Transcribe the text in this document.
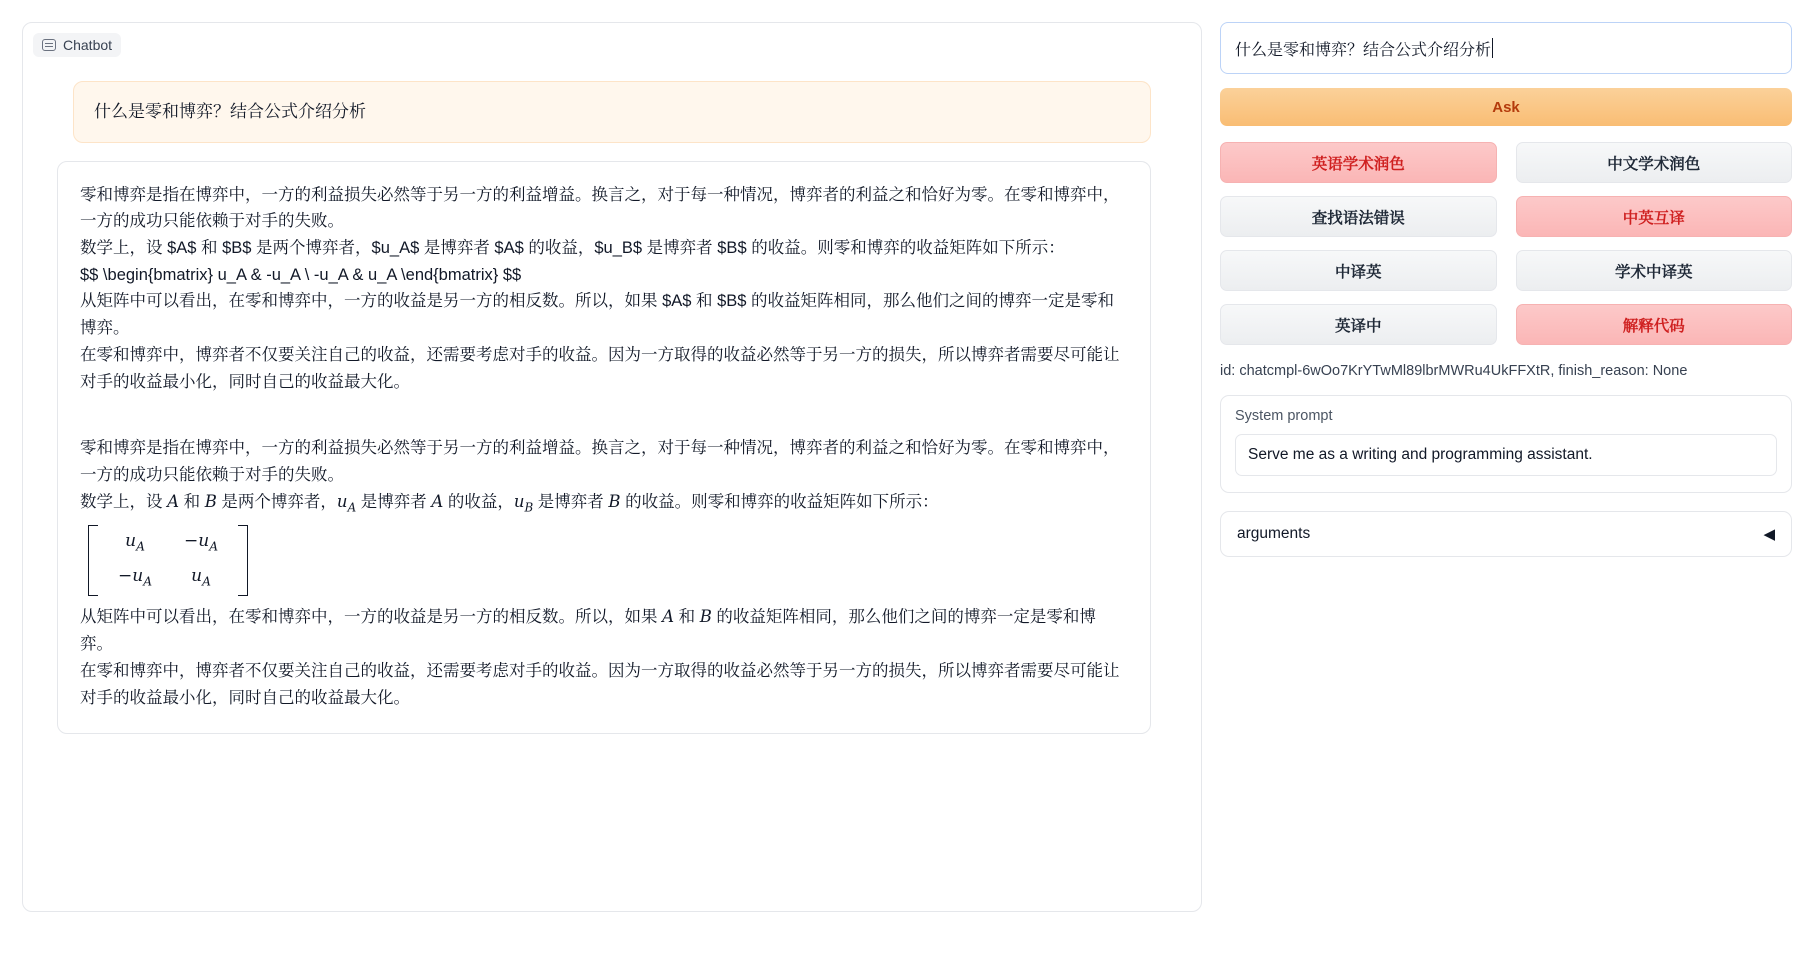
Chatbot
什么是零和博弈？结合公式介绍分析

零和博弈是指在博弈中，一方的利益损失必然等于另一方的利益增益。换言之，对于每一种情况，博弈者的利益之和恰好为零。在零和博弈中，一方的成功只能依赖于对手的失败。

数学上，设 $A$ 和 $B$ 是两个博弈者，$u_A$ 是博弈者 $A$ 的收益，$u_B$ 是博弈者 $B$ 的收益。则零和博弈的收益矩阵如下所示：

$$ \begin{bmatrix} u_A & -u_A \ -u_A & u_A \end{bmatrix} $$

从矩阵中可以看出，在零和博弈中，一方的收益是另一方的相反数。所以，如果 $A$ 和 $B$ 的收益矩阵相同，那么他们之间的博弈一定是零和博弈。

在零和博弈中，博弈者不仅要关注自己的收益，还需要考虑对手的收益。因为一方取得的收益必然等于另一方的损失，所以博弈者需要尽可能让对手的收益最小化，同时自己的收益最大化。

零和博弈是指在博弈中，一方的利益损失必然等于另一方的利益增益。换言之，对于每一种情况，博弈者的利益之和恰好为零。在零和博弈中，一方的成功只能依赖于对手的失败。

数学上，设 A 和 B 是两个博弈者，$u_A$ 是博弈者 A 的收益，$u_B$ 是博弈者 B 的收益。则零和博弈的收益矩阵如下所示：

$u_A$	$-u_A$
$-u_A$	$u_A$

从矩阵中可以看出，在零和博弈中，一方的收益是另一方的相反数。所以，如果 A 和 B 的收益矩阵相同，那么他们之间的博弈一定是零和博弈。

在零和博弈中，博弈者不仅要关注自己的收益，还需要考虑对手的收益。因为一方取得的收益必然等于另一方的损失，所以博弈者需要尽可能让对手的收益最小化，同时自己的收益最大化。

什么是零和博弈？结合公式介绍分析
Ask
英语学术润色	中文学术润色
查找语法错误	中英互译
中译英	学术中译英
英译中	解释代码
id: chatcmpl-6wOo7KrYTwMl89lbrMWRu4UkFFXtR, finish_reason: None
System prompt
Serve me as a writing and programming assistant.
arguments	◀
